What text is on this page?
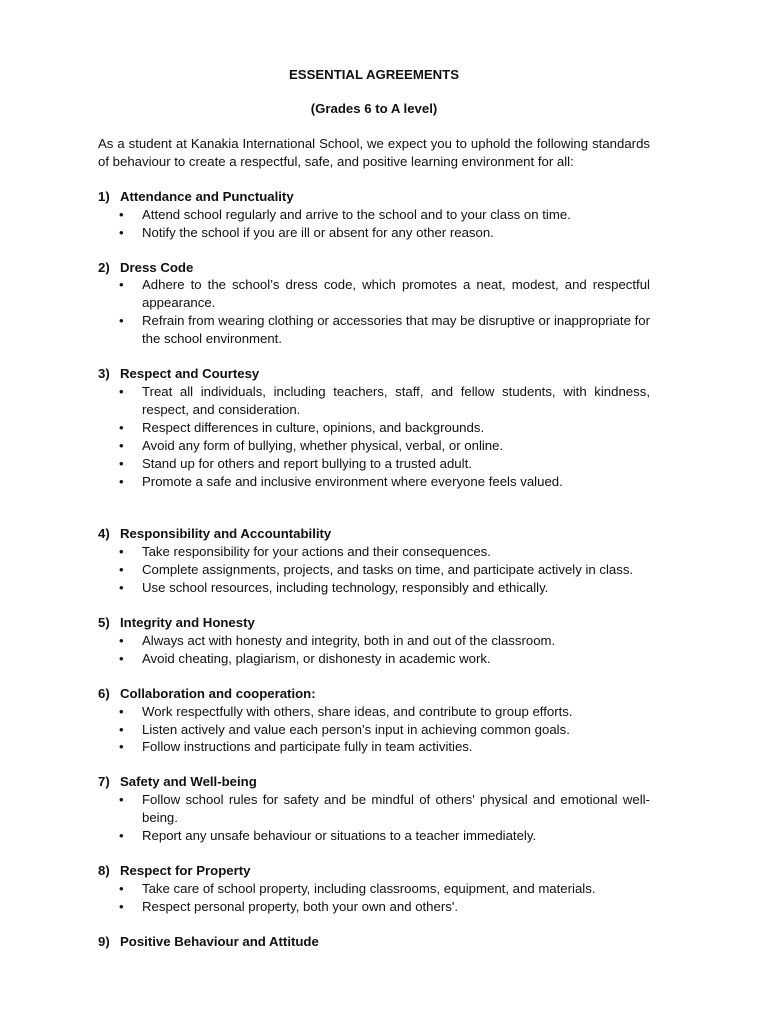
ESSENTIAL AGREEMENTS
(Grades 6 to A level)
As a student at Kanakia International School, we expect you to uphold the following standards of behaviour to create a respectful, safe, and positive learning environment for all:
1) Attendance and Punctuality
• Attend school regularly and arrive to the school and to your class on time.
• Notify the school if you are ill or absent for any other reason.
2) Dress Code
• Adhere to the school’s dress code, which promotes a neat, modest, and respectful appearance.
• Refrain from wearing clothing or accessories that may be disruptive or inappropriate for the school environment.
3) Respect and Courtesy
• Treat all individuals, including teachers, staff, and fellow students, with kindness, respect, and consideration.
• Respect differences in culture, opinions, and backgrounds.
• Avoid any form of bullying, whether physical, verbal, or online.
• Stand up for others and report bullying to a trusted adult.
• Promote a safe and inclusive environment where everyone feels valued.
4) Responsibility and Accountability
• Take responsibility for your actions and their consequences.
• Complete assignments, projects, and tasks on time, and participate actively in class.
• Use school resources, including technology, responsibly and ethically.
5) Integrity and Honesty
• Always act with honesty and integrity, both in and out of the classroom.
• Avoid cheating, plagiarism, or dishonesty in academic work.
6) Collaboration and cooperation:
• Work respectfully with others, share ideas, and contribute to group efforts.
• Listen actively and value each person’s input in achieving common goals.
• Follow instructions and participate fully in team activities.
7) Safety and Well-being
• Follow school rules for safety and be mindful of others' physical and emotional well-being.
• Report any unsafe behaviour or situations to a teacher immediately.
8) Respect for Property
• Take care of school property, including classrooms, equipment, and materials.
• Respect personal property, both your own and others'.
9) Positive Behaviour and Attitude
